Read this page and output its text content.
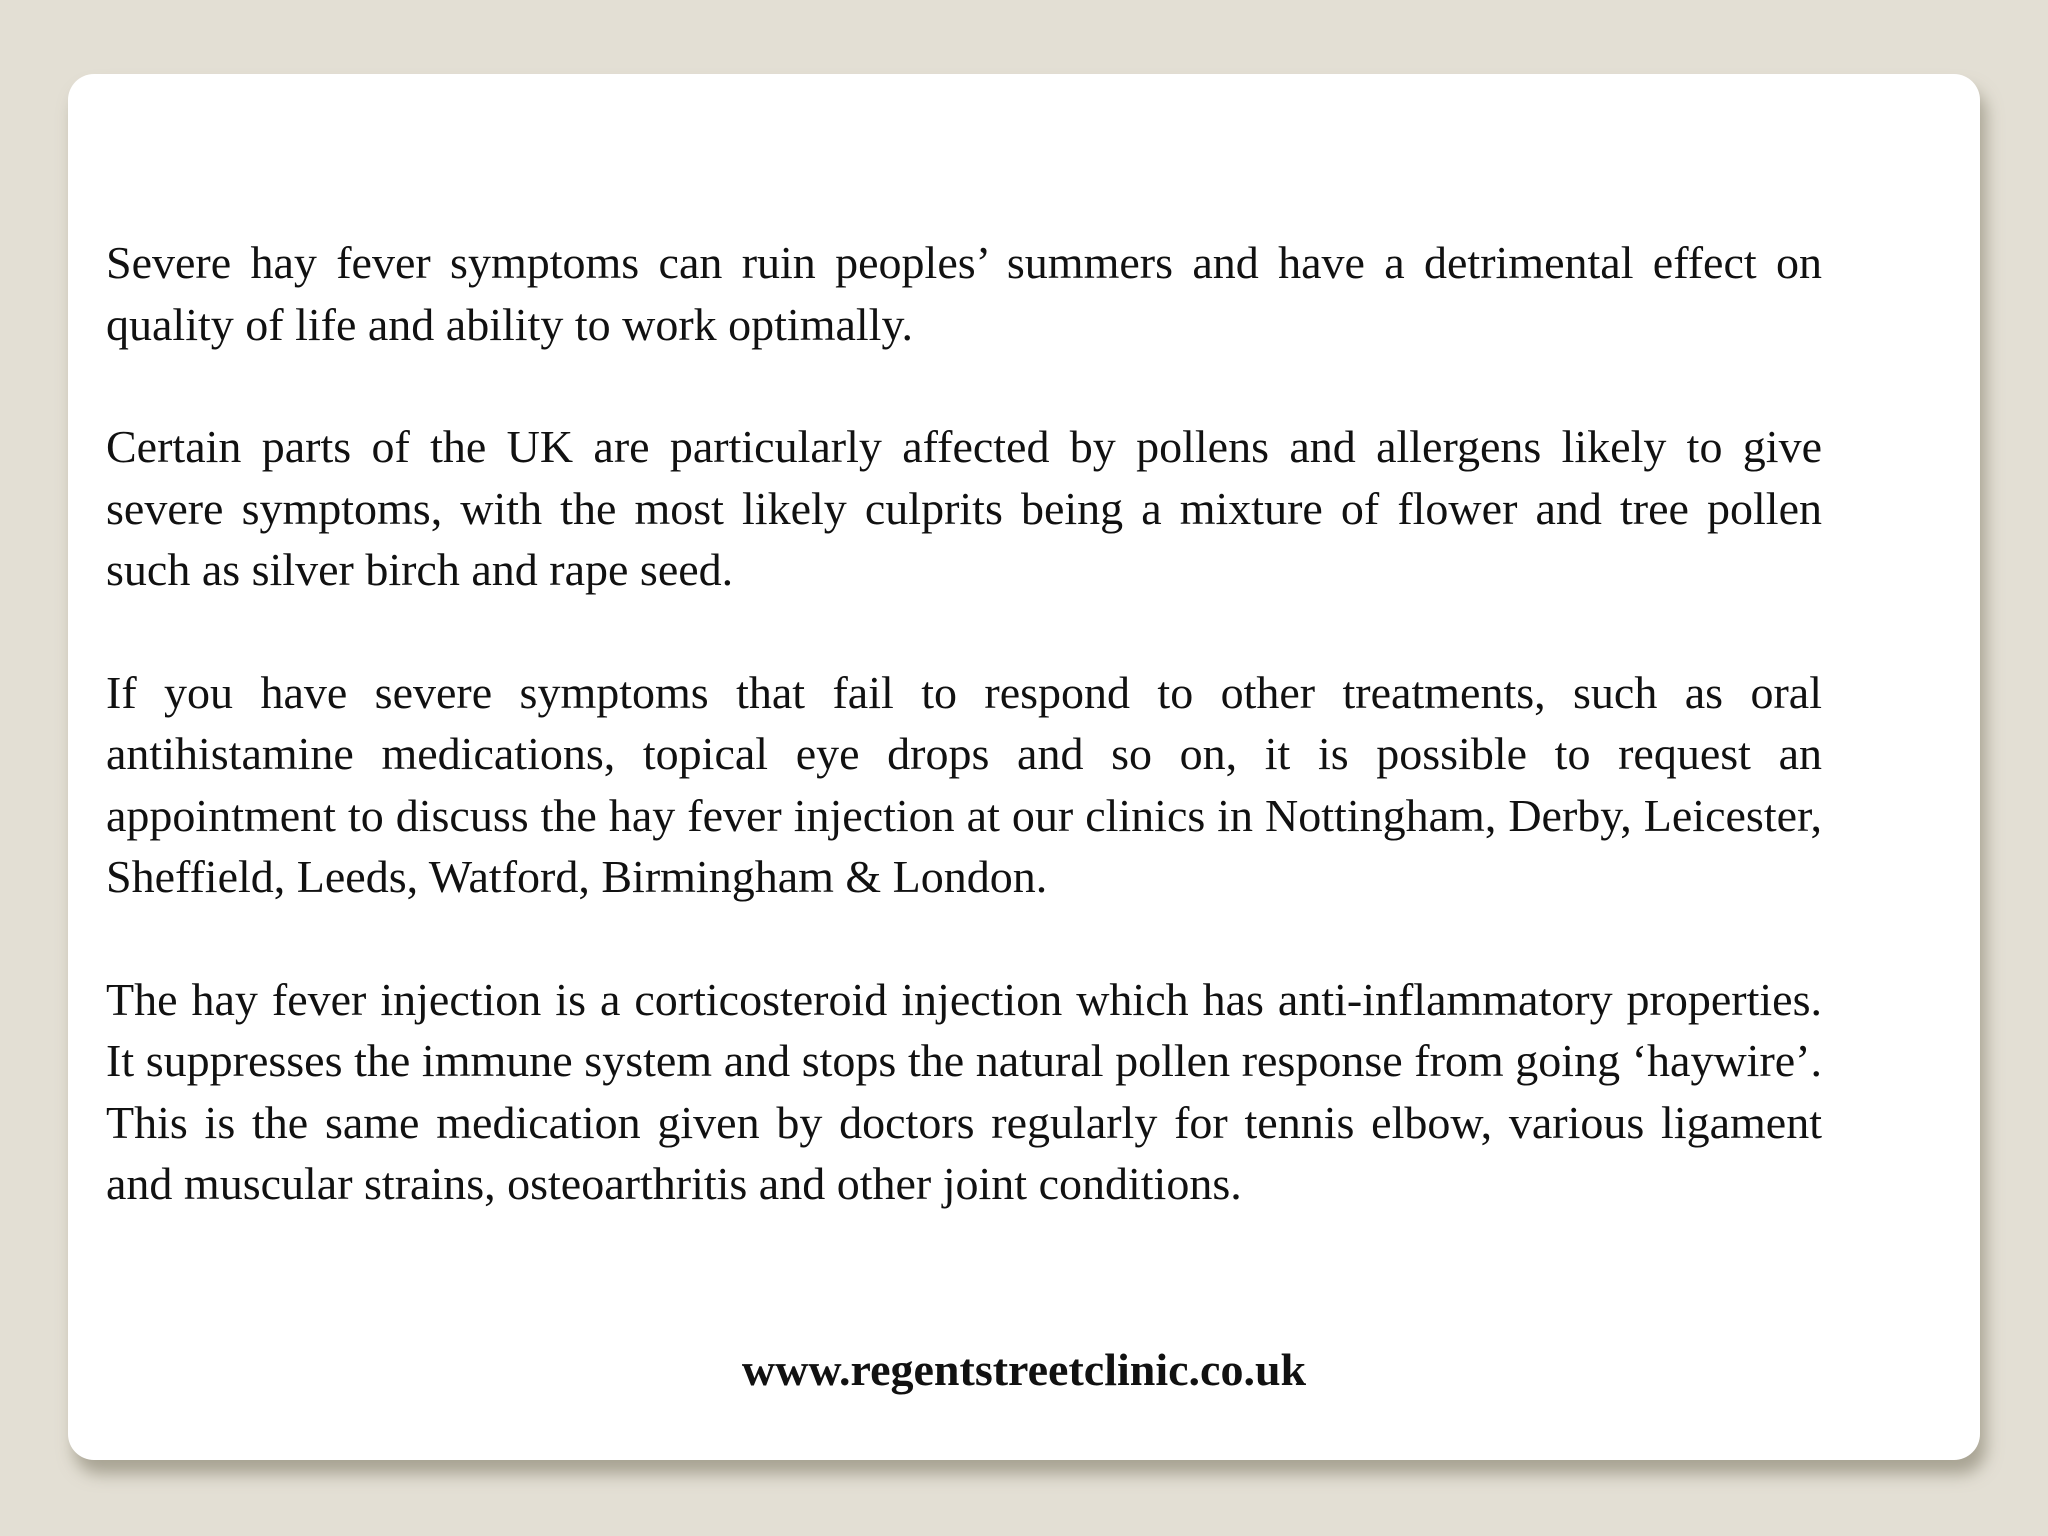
Severe hay fever symptoms can ruin peoples’ summers and have a detrimental effect on quality of life and ability to work optimally.

Certain parts of the UK are particularly affected by pollens and allergens likely to give severe symptoms, with the most likely culprits being a mixture of flower and tree pollen such as silver birch and rape seed.

If you have severe symptoms that fail to respond to other treatments, such as oral antihistamine medications, topical eye drops and so on, it is possible to request an appointment to discuss the hay fever injection at our clinics in Nottingham, Derby, Leicester, Sheffield, Leeds, Watford, Birmingham & London.

The hay fever injection is a corticosteroid injection which has anti-inflammatory properties. It suppresses the immune system and stops the natural pollen response from going ‘haywire’. This is the same medication given by doctors regularly for tennis elbow, various ligament and muscular strains, osteoarthritis and other joint conditions.

www.regentstreetclinic.co.uk
